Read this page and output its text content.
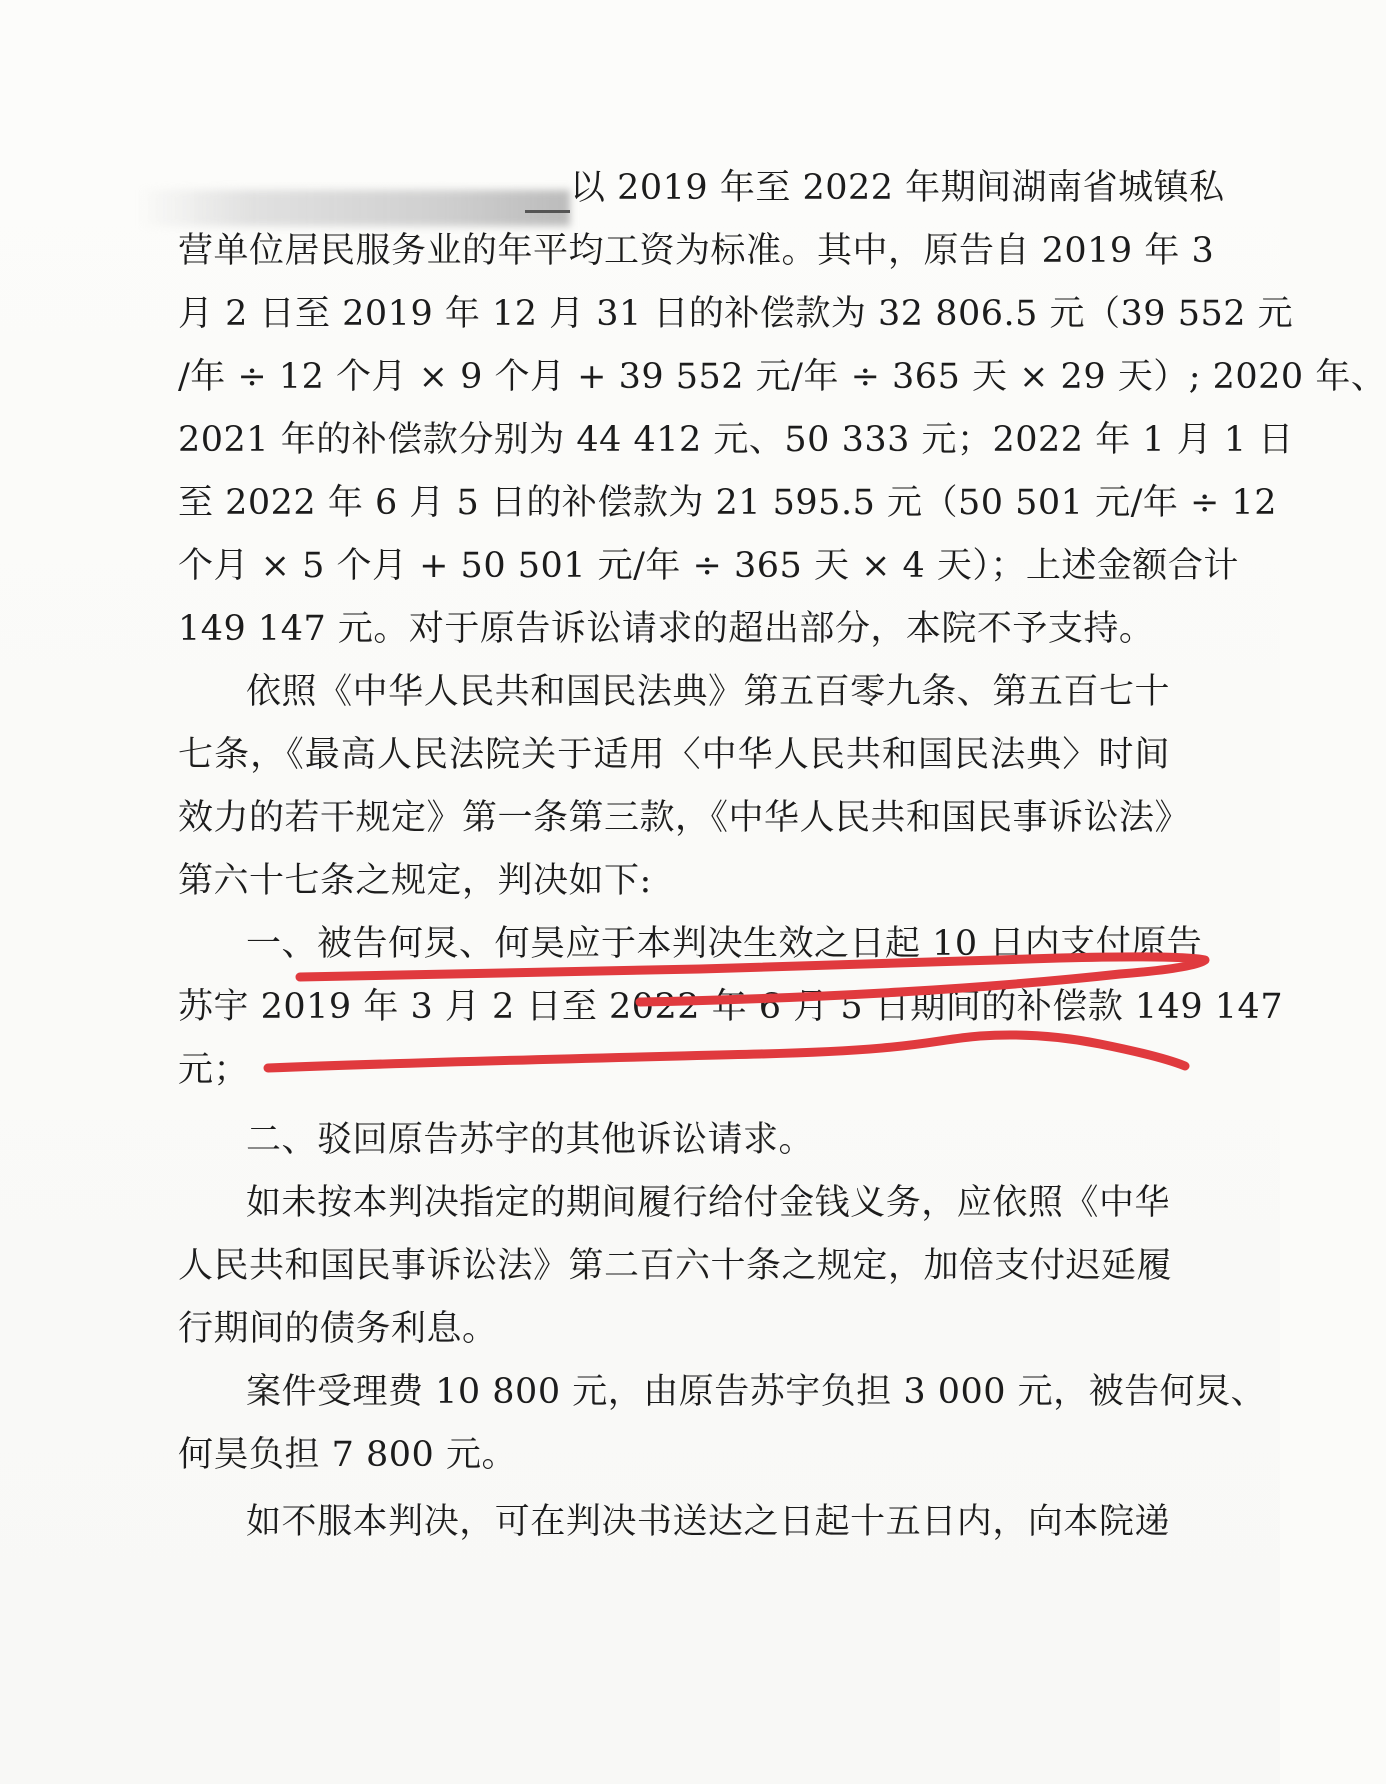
以 2019 年至 2022 年期间湖南省城镇私
营单位居民服务业的年平均工资为标准。其中，原告自 2019 年 3
月 2 日至 2019 年 12 月 31 日的补偿款为 32 806.5 元（39 552 元
/年 ÷ 12 个月 × 9 个月 + 39 552 元/年 ÷ 365 天 × 29 天）; 2020 年、
2021 年的补偿款分别为 44 412 元、50 333 元；2022 年 1 月 1 日
至 2022 年 6 月 5 日的补偿款为 21 595.5 元（50 501 元/年 ÷ 12
个月 × 5 个月 + 50 501 元/年 ÷ 365 天 × 4 天）；上述金额合计
149 147 元。对于原告诉讼请求的超出部分，本院不予支持。
依照《中华人民共和国民法典》第五百零九条、第五百七十
七条，《最高人民法院关于适用〈中华人民共和国民法典〉时间
效力的若干规定》第一条第三款，《中华人民共和国民事诉讼法》
第六十七条之规定，判决如下:
一、被告何炅、何昊应于本判决生效之日起 10 日内支付原告
苏宇 2019 年 3 月 2 日至 2022 年 6 月 5 日期间的补偿款 149 147
元；
二、驳回原告苏宇的其他诉讼请求。
如未按本判决指定的期间履行给付金钱义务，应依照《中华
人民共和国民事诉讼法》第二百六十条之规定，加倍支付迟延履
行期间的债务利息。
案件受理费 10 800 元，由原告苏宇负担 3 000 元，被告何炅、
何昊负担 7 800 元。
如不服本判决，可在判决书送达之日起十五日内，向本院递
